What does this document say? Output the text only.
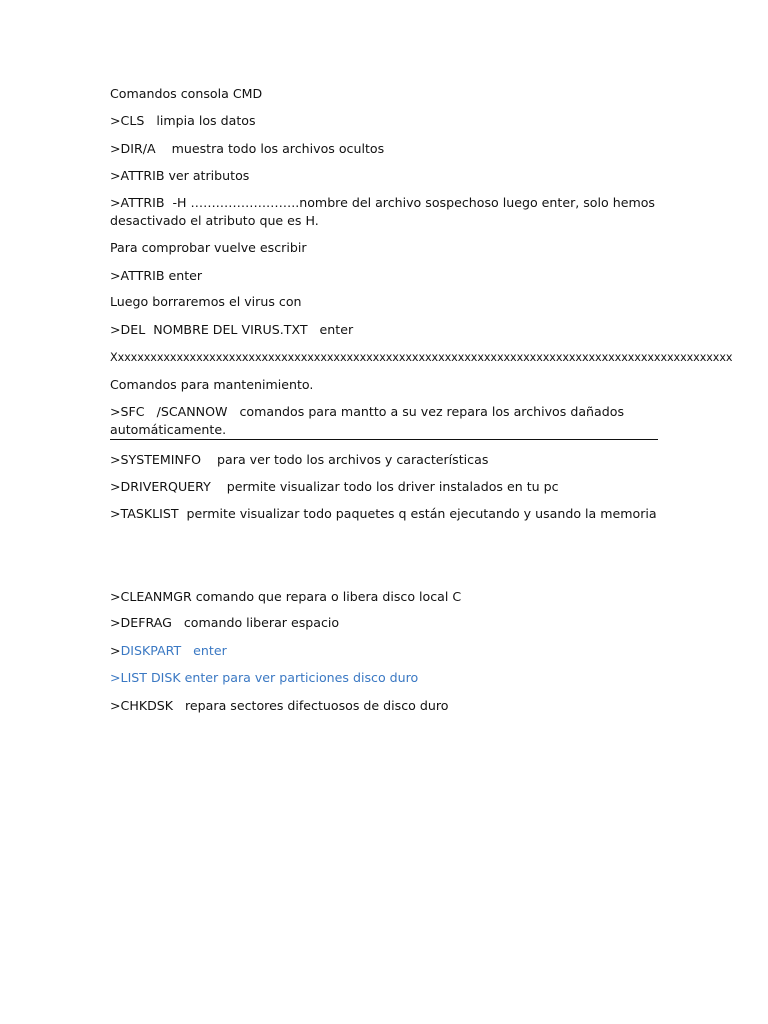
Comandos consola CMD
>CLS   limpia los datos
>DIR/A    muestra todo los archivos ocultos
>ATTRIB ver atributos
>ATTRIB  -H ……………………..nombre del archivo sospechoso luego enter, solo hemos desactivado el atributo que es H.
Para comprobar vuelve escribir
>ATTRIB enter
Luego borraremos el virus con
>DEL  NOMBRE DEL VIRUS.TXT   enter
Xxxxxxxxxxxxxxxxxxxxxxxxxxxxxxxxxxxxxxxxxxxxxxxxxxxxxxxxxxxxxxxxxxxxxxxxxxxxxxxxxxxxxxxxxxxxxxx
Comandos para mantenimiento.
>SFC   /SCANNOW   comandos para mantto a su vez repara los archivos dañados automáticamente.
>SYSTEMINFO    para ver todo los archivos y características
>DRIVERQUERY    permite visualizar todo los driver instalados en tu pc
>TASKLIST  permite visualizar todo paquetes q están ejecutando y usando la memoria
>CLEANMGR comando que repara o libera disco local C
>DEFRAG   comando liberar espacio
>DISKPART   enter
>LIST DISK enter para ver particiones disco duro
>CHKDSK   repara sectores difectuosos de disco duro
